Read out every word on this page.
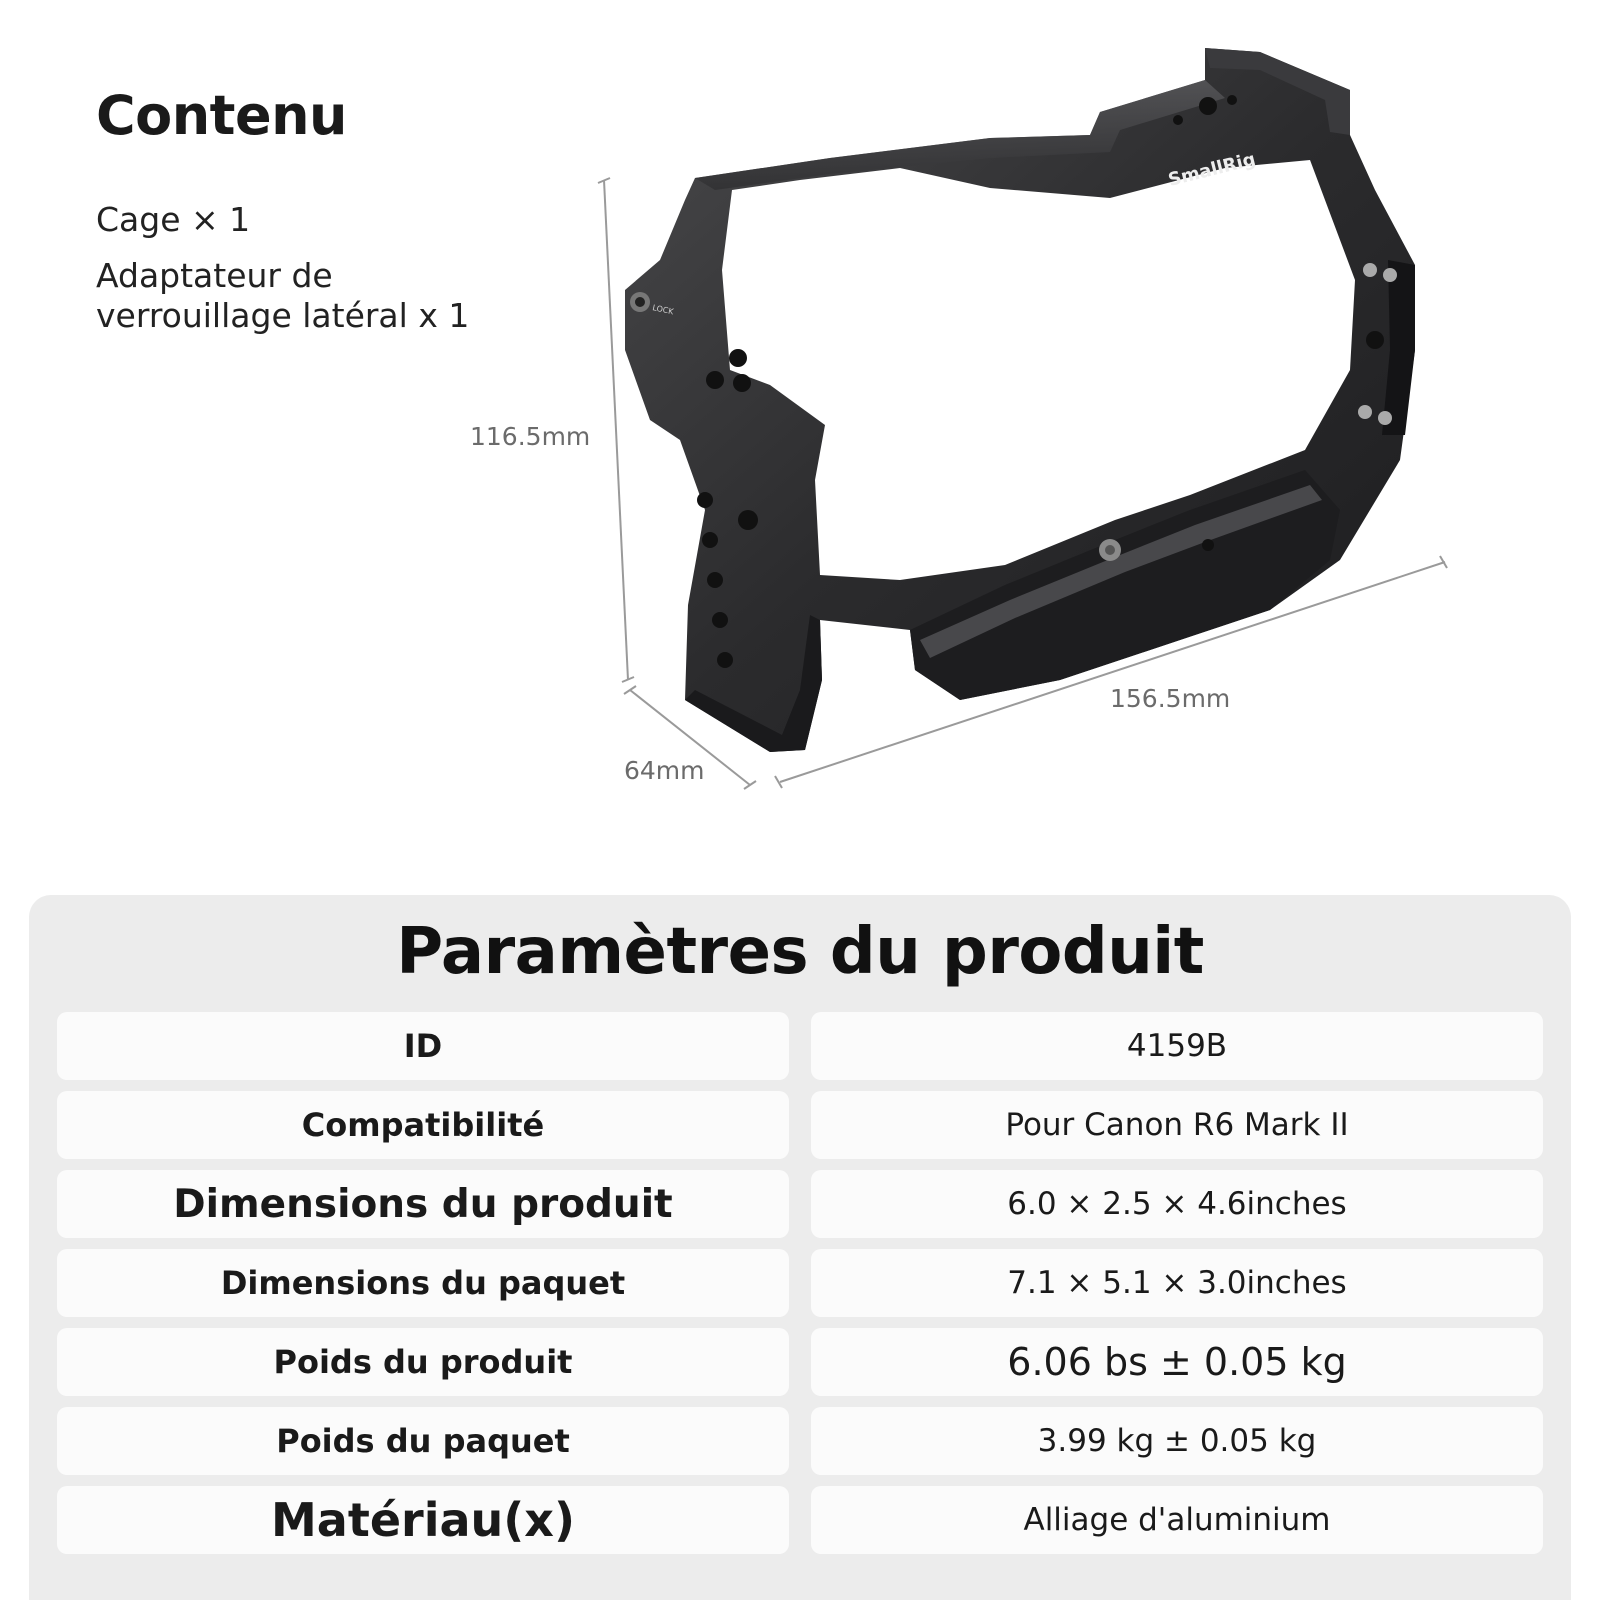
Contenu
Cage × 1
Adaptateur de verrouillage latéral x 1
SmallRig
LOCK
116.5mm
156.5mm
64mm
Paramètres du produit
ID	4159B
Compatibilité	Pour Canon R6 Mark II
Dimensions du produit	6.0 × 2.5 × 4.6inches
Dimensions du paquet	7.1 × 5.1 × 3.0inches
Poids du produit	6.06 bs ± 0.05 kg
Poids du paquet	3.99 kg ± 0.05 kg
Matériau(x)	Alliage d'aluminium
